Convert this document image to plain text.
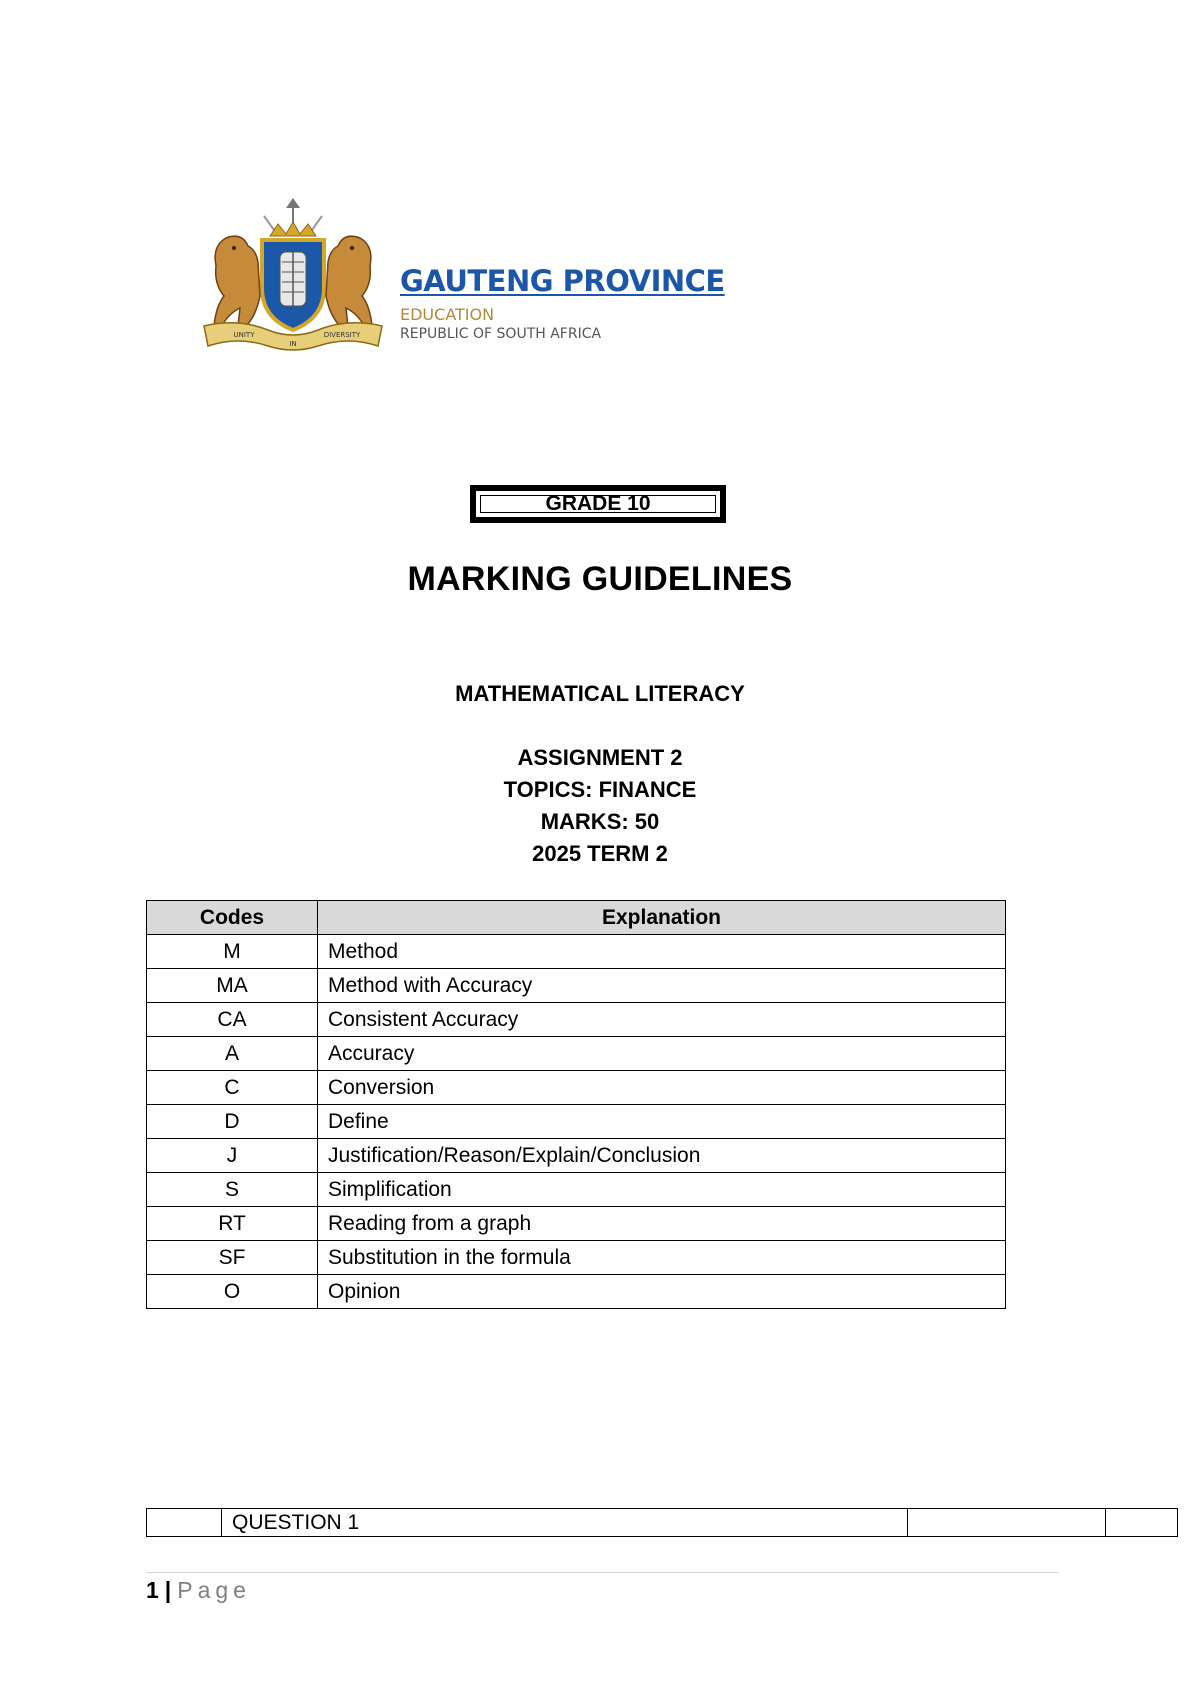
UNITY
IN
DIVERSITY
GAUTENG PROVINCE
EDUCATION
REPUBLIC OF SOUTH AFRICA
GRADE 10
MARKING GUIDELINES
MATHEMATICAL LITERACY
ASSIGNMENT 2
TOPICS: FINANCE
MARKS: 50
2025 TERM 2
Codes	Explanation
M	Method
MA	Method with Accuracy
CA	Consistent Accuracy
A	Accuracy
C	Conversion
D	Define
J	Justification/Reason/Explain/Conclusion
S	Simplification
RT	Reading from a graph
SF	Substitution in the formula
O	Opinion
	QUESTION 1		
1 | Page
